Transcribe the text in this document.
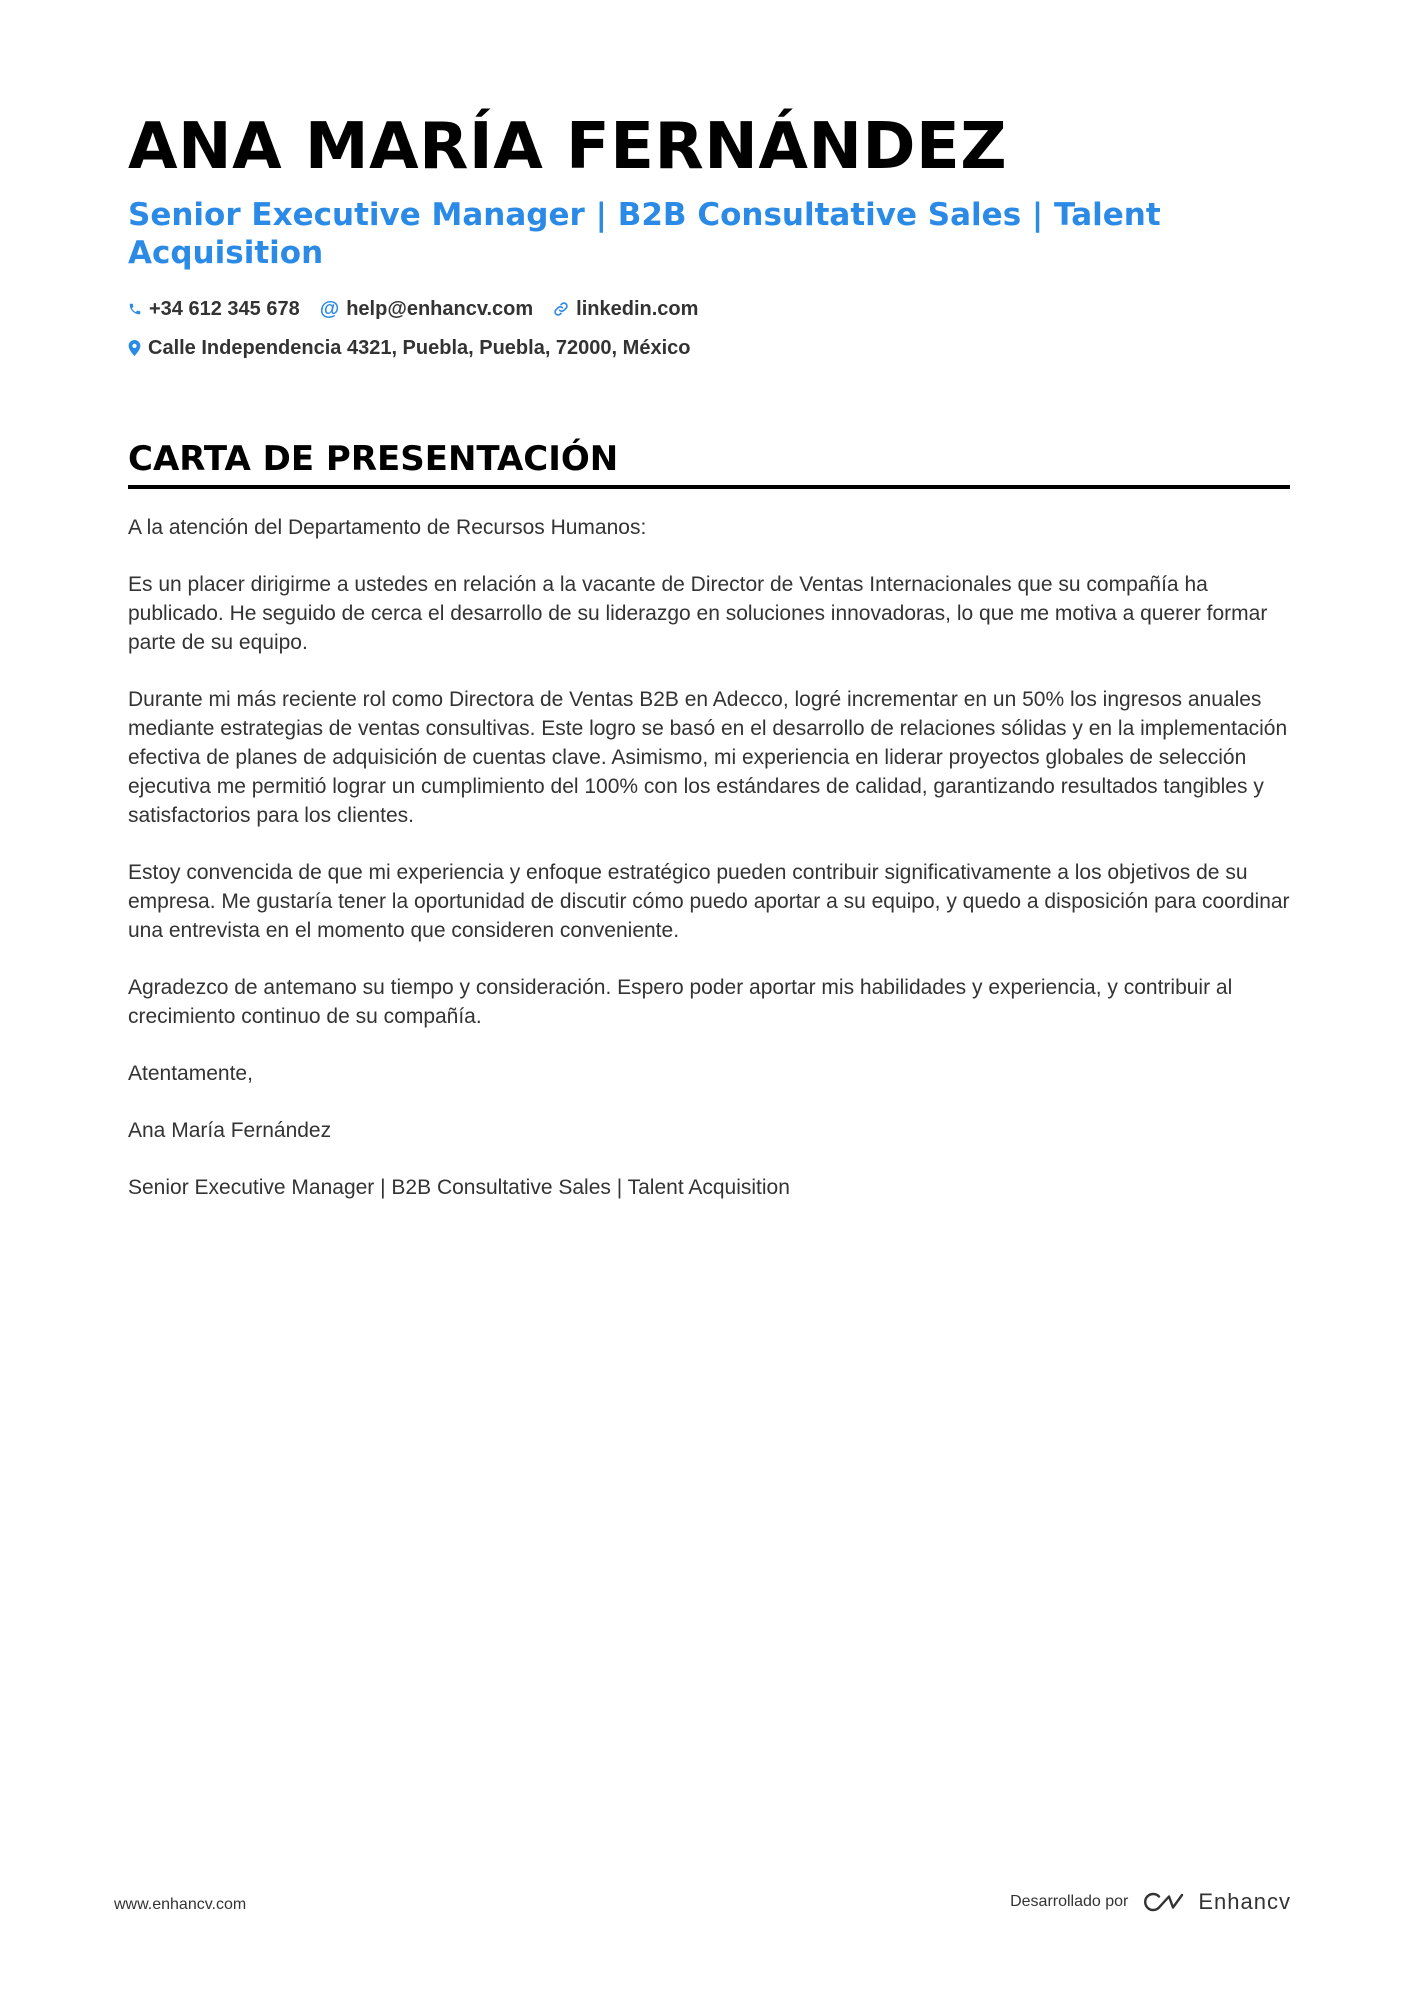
ANA MARÍA FERNÁNDEZ
Senior Executive Manager | B2B Consultative Sales | Talent Acquisition
+34 612 345 678 @ help@enhancv.com linkedin.com
Calle Independencia 4321, Puebla, Puebla, 72000, México
CARTA DE PRESENTACIÓN

A la atención del Departamento de Recursos Humanos:

Es un placer dirigirme a ustedes en relación a la vacante de Director de Ventas Internacionales que su compañía ha publicado. He seguido de cerca el desarrollo de su liderazgo en soluciones innovadoras, lo que me motiva a querer formar parte de su equipo.

Durante mi más reciente rol como Directora de Ventas B2B en Adecco, logré incrementar en un 50% los ingresos anuales mediante estrategias de ventas consultivas. Este logro se basó en el desarrollo de relaciones sólidas y en la implementación efectiva de planes de adquisición de cuentas clave. Asimismo, mi experiencia en liderar proyectos globales de selección ejecutiva me permitió lograr un cumplimiento del 100% con los estándares de calidad, garantizando resultados tangibles y satisfactorios para los clientes.

Estoy convencida de que mi experiencia y enfoque estratégico pueden contribuir significativamente a los objetivos de su empresa. Me gustaría tener la oportunidad de discutir cómo puedo aportar a su equipo, y quedo a disposición para coordinar una entrevista en el momento que consideren conveniente.

Agradezco de antemano su tiempo y consideración. Espero poder aportar mis habilidades y experiencia, y contribuir al crecimiento continuo de su compañía.

Atentamente,

Ana María Fernández

Senior Executive Manager | B2B Consultative Sales | Talent Acquisition

www.enhancv.com	Desarrollado por	Enhancv
